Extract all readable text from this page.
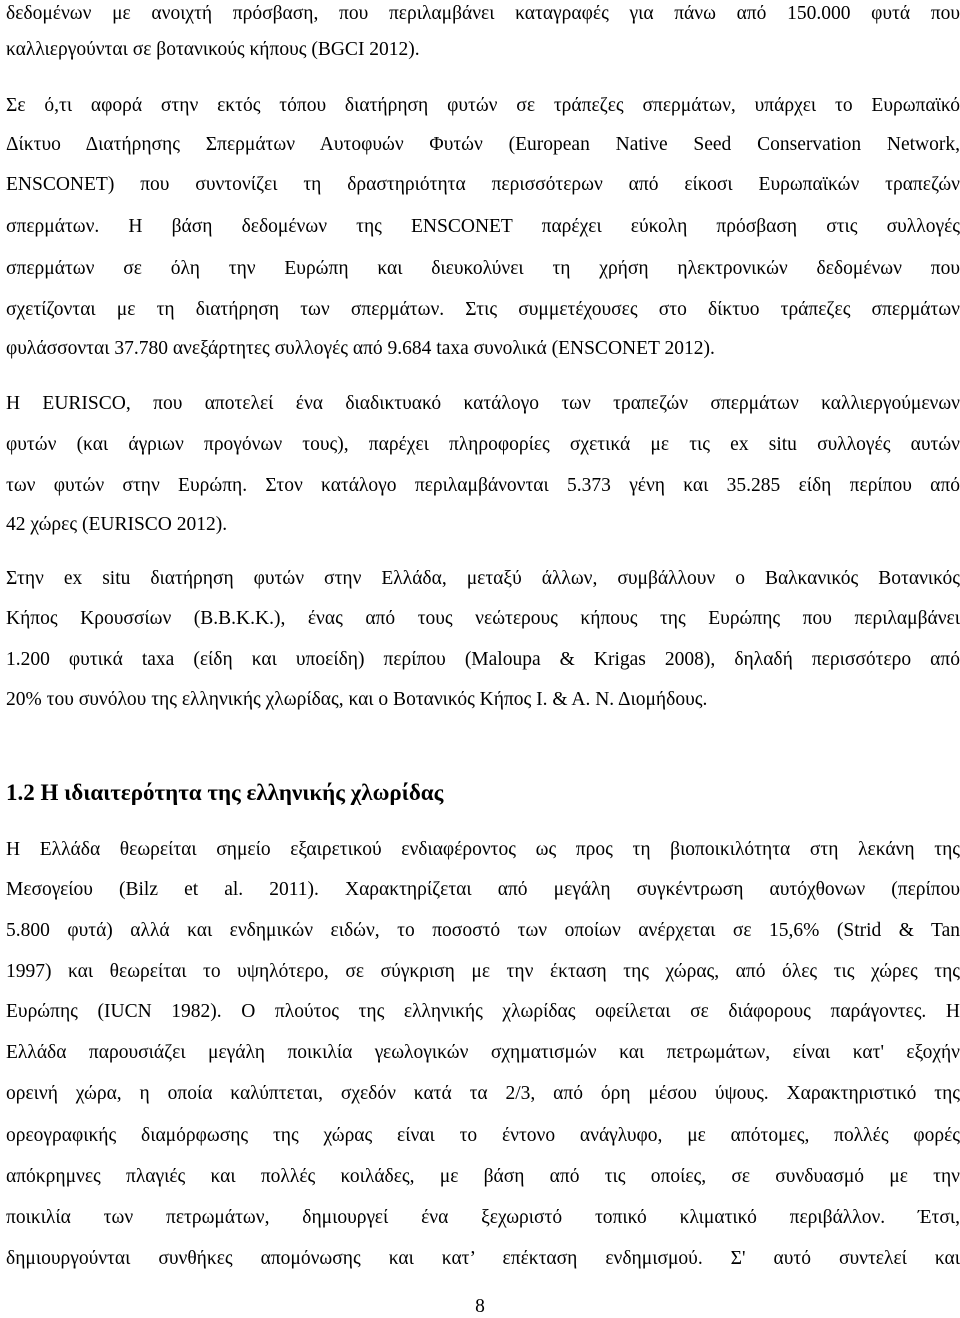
δεδομένων με ανοιχτή πρόσβαση, που περιλαμβάνει καταγραφές για πάνω από 150.000 φυτά που
καλλιεργούνται σε βοτανικούς κήπους (BGCI 2012).
Σε ό,τι αφορά στην εκτός τόπου διατήρηση φυτών σε τράπεζες σπερμάτων, υπάρχει το Ευρωπαϊκό
Δίκτυο Διατήρησης Σπερμάτων Αυτοφυών Φυτών (European Native Seed Conservation Network,
ENSCONET) που συντονίζει τη δραστηριότητα περισσότερων από είκοσι Ευρωπαϊκών τραπεζών
σπερμάτων. Η βάση δεδομένων της ENSCONET παρέχει εύκολη πρόσβαση στις συλλογές
σπερμάτων σε όλη την Ευρώπη και διευκολύνει τη χρήση ηλεκτρονικών δεδομένων που
σχετίζονται με τη διατήρηση των σπερμάτων. Στις συμμετέχουσες στο δίκτυο τράπεζες σπερμάτων
φυλάσσονται 37.780 ανεξάρτητες συλλογές από 9.684 taxa συνολικά (ENSCONET 2012).
Η EURISCO, που αποτελεί ένα διαδικτυακό κατάλογο των τραπεζών σπερμάτων καλλιεργούμενων
φυτών (και άγριων προγόνων τους), παρέχει πληροφορίες σχετικά με τις ex situ συλλογές αυτών
των φυτών στην Ευρώπη. Στον κατάλογο περιλαμβάνονται 5.373 γένη και 35.285 είδη περίπου από
42 χώρες (EURISCO 2012).
Στην ex situ διατήρηση φυτών στην Ελλάδα, μεταξύ άλλων, συμβάλλουν ο Βαλκανικός Βοτανικός
Κήπος Κρουσσίων (Β.Β.Κ.Κ.), ένας από τους νεώτερους κήπους της Ευρώπης που περιλαμβάνει
1.200 φυτικά taxa (είδη και υποείδη) περίπου (Maloupa & Krigas 2008), δηλαδή περισσότερο από
20% του συνόλου της ελληνικής χλωρίδας, και ο Βοτανικός Κήπος Ι. & Α. Ν. Διομήδους.
1.2 Η ιδιαιτερότητα της ελληνικής χλωρίδας
Η Ελλάδα θεωρείται σημείο εξαιρετικού ενδιαφέροντος ως προς τη βιοποικιλότητα στη λεκάνη της
Μεσογείου (Bilz et al. 2011). Χαρακτηρίζεται από μεγάλη συγκέντρωση αυτόχθονων (περίπου
5.800 φυτά) αλλά και ενδημικών ειδών, το ποσοστό των οποίων ανέρχεται σε 15,6% (Strid & Tan
1997) και θεωρείται το υψηλότερο, σε σύγκριση με την έκταση της χώρας, από όλες τις χώρες της
Ευρώπης (IUCN 1982). Ο πλούτος της ελληνικής χλωρίδας οφείλεται σε διάφορους παράγοντες. Η
Ελλάδα παρουσιάζει μεγάλη ποικιλία γεωλογικών σχηματισμών και πετρωμάτων, είναι κατ' εξοχήν
ορεινή χώρα, η οποία καλύπτεται, σχεδόν κατά τα 2/3, από όρη μέσου ύψους. Χαρακτηριστικό της
ορεογραφικής διαμόρφωσης της χώρας είναι το έντονο ανάγλυφο, με απότομες, πολλές φορές
απόκρημνες πλαγιές και πολλές κοιλάδες, με βάση από τις οποίες, σε συνδυασμό με την
ποικιλία των πετρωμάτων, δημιουργεί ένα ξεχωριστό τοπικό κλιματικό περιβάλλον. Έτσι,
δημιουργούνται συνθήκες απομόνωσης και κατ’ επέκταση ενδημισμού. Σ' αυτό συντελεί και
8
